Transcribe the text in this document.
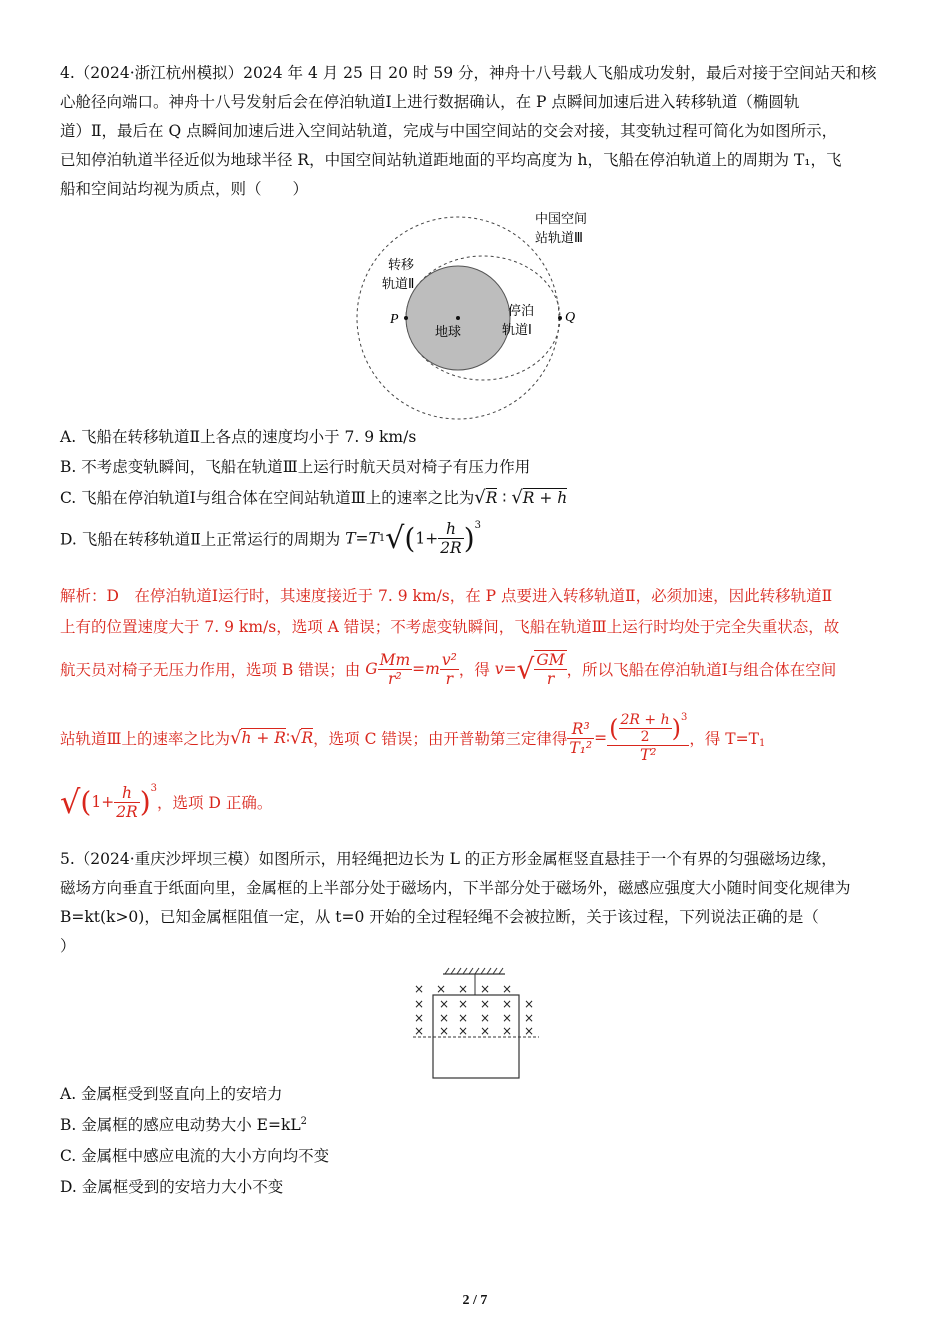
4.（2024·浙江杭州模拟）2024 年 4 月 25 日 20 时 59 分，神舟十八号载人飞船成功发射，最后对接于空间站天和核
心舱径向端口。神舟十八号发射后会在停泊轨道Ⅰ上进行数据确认，在 P 点瞬间加速后进入转移轨道（椭圆轨
道）Ⅱ，最后在 Q 点瞬间加速后进入空间站轨道，完成与中国空间站的交会对接，其变轨过程可简化为如图所示，
已知停泊轨道半径近似为地球半径 R，中国空间站轨道距地面的平均高度为 h，飞船在停泊轨道上的周期为 T₁，飞
船和空间站均视为质点，则（　　）
中国空间
站轨道Ⅲ
转移
轨道Ⅱ
停泊
轨道Ⅰ
地球
P	Q
A. 飞船在转移轨道Ⅱ上各点的速度均小于 7. 9 km/s
B. 不考虑变轨瞬间，飞船在轨道Ⅲ上运行时航天员对椅子有压力作用
C. 飞船在停泊轨道Ⅰ与组合体在空间站轨道Ⅲ上的速率之比为√R ∶ √R + h
D. 飞船在转移轨道Ⅱ上正常运行的周期为 $T=T1√(1+ \frac{h}{2R} )^3$
解析：D　在停泊轨道Ⅰ运行时，其速度接近于 7. 9 km/s，在 P 点要进入转移轨道Ⅱ，必须加速，因此转移轨道Ⅱ
上有的位置速度大于 7. 9 km/s，选项 A 错误；不考虑变轨瞬间，飞船在轨道Ⅲ上运行时均处于完全失重状态，故
航天员对椅子无压力作用，选项 B 错误；由 G $\frac{Mm}{\text{r²}} =m \frac{\text{v²}}{r}$ ，得 $v=√ \frac{GM}{r}$ ，所以飞船在停泊轨道Ⅰ与组合体在空间
站轨道Ⅲ上的速率之比为√h + R∶√R，选项 C 错误；由开普勒第三定律得 $\frac{\text{R³}}{\text{T₁²}} = \frac{( \frac{2R + h}{2} )^3}{\text{T²}}$ ，得 $T=T_1$
$√(1+ \frac{h}{2R} )^3$，选项 D 正确。
5.（2024·重庆沙坪坝三模）如图所示，用轻绳把边长为 L 的正方形金属框竖直悬挂于一个有界的匀强磁场边缘，
磁场方向垂直于纸面向里，金属框的上半部分处于磁场内，下半部分处于磁场外，磁感应强度大小随时间变化规律为
B=kt(k>0)，已知金属框阻值一定，从 t=0 开始的全过程轻绳不会被拉断，关于该过程，下列说法正确的是（
）
× × × × ×
× × × × × ×
× × × × × ×
× × × × × ×
A. 金属框受到竖直向上的安培力
B. 金属框的感应电动势大小 $E=kL^2$
C. 金属框中感应电流的大小方向均不变
D. 金属框受到的安培力大小不变
2 / 7
